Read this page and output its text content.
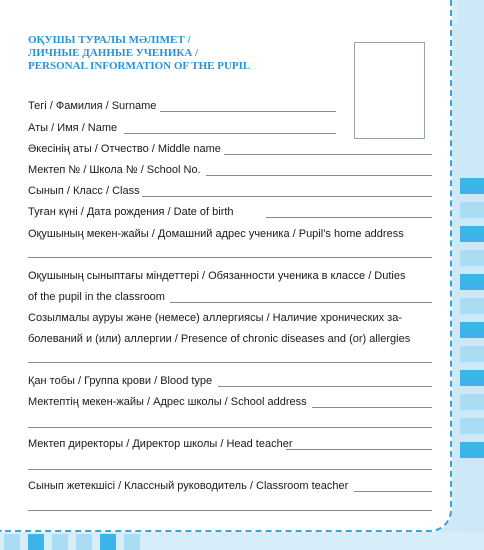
ОҚУШЫ ТУРАЛЫ МӘЛІМЕТ /
ЛИЧНЫЕ ДАННЫЕ УЧЕНИКА /
PERSONAL INFORMATION OF THE PUPIL
Тегі / Фамилия / Surname
Аты / Имя / Name
Әкесінің аты / Отчество / Middle name
Мектеп № / Школа № / School No.
Сынып / Класс / Class
Туған күні / Дата рождения / Date of birth
Оқушының мекен-жайы / Домашний адрес ученика / Pupil’s home address
Оқушының сыныптағы міндеттері / Обязанности ученика в классе / Duties
of the pupil in the classroom
Созылмалы ауруы және (немесе) аллергиясы / Наличие хронических за-
болеваний и (или) аллергии / Presence of chronic diseases and (or) allergies
Қан тобы / Группа крови / Blood type
Мектептің мекен-жайы / Адрес школы / School address
Мектеп директоры / Директор школы / Head teacher
Сынып жетекшісі / Классный руководитель / Classroom teacher
